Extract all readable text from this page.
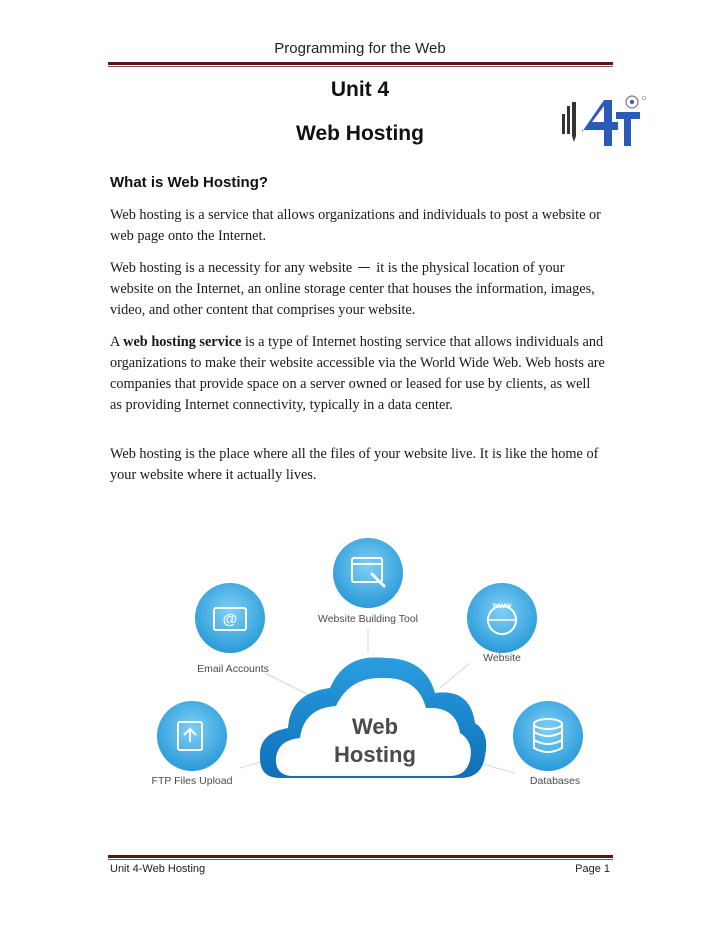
Programming for the Web
Unit 4
Web Hosting
What is Web Hosting?

Web hosting is a service that allows organizations and individuals to post a website or web page onto the Internet.

Web hosting is a necessity for any website it is the physical location of your website on the Internet, an online storage center that houses the information, images, video, and other content that comprises your website.

A web hosting service is a type of Internet hosting service that allows individuals and organizations to make their website accessible via the World Wide Web. Web hosts are companies that provide space on a server owned or leased for use by clients, as well as providing Internet connectivity, typically in a data center.

Web hosting is the place where all the files of your website live. It is like the home of your website where it actually lives.

Web
Hosting
Website Building Tool
@
Email Accounts
www
Website
FTP Files Upload	Databases
Unit 4-Web Hosting	Page 1
